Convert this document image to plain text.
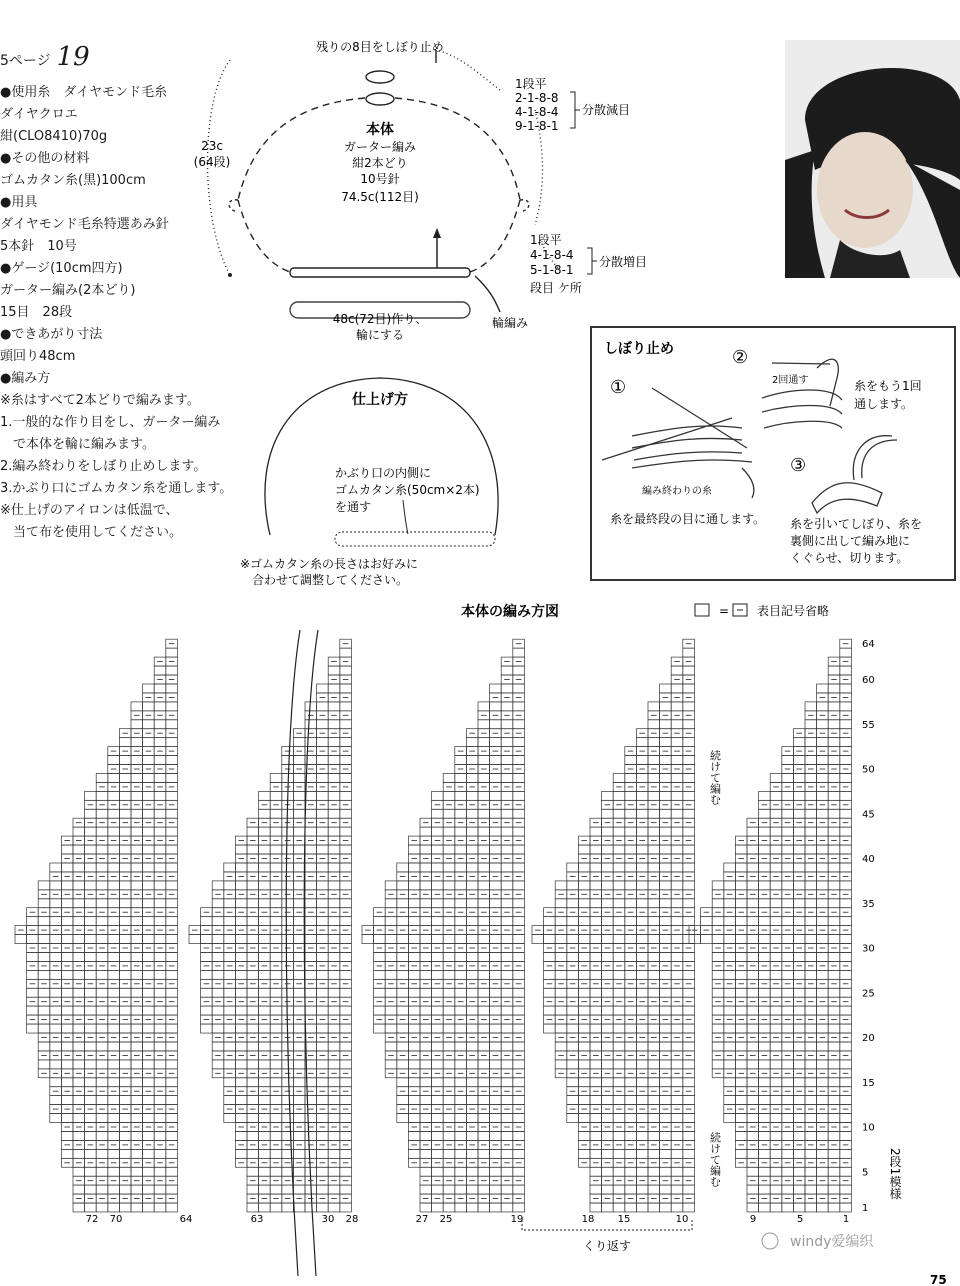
5ページ 19
●使用糸　ダイヤモンド毛糸
ダイヤクロエ
紺(CLO8410)70g
●その他の材料
ゴムカタン糸(黒)100cm
●用具
ダイヤモンド毛糸特選あみ針
5本針　10号
●ゲージ(10cm四方)
ガーター編み(2本どり)
15目　28段
●できあがり寸法
頭回り48cm
●編み方
※糸はすべて2本どりで編みます。
1.一般的な作り目をし、ガーター編み
　で本体を輪に編みます。
2.編み終わりをしぼり止めします。
3.かぶり口にゴムカタン糸を通します。
※仕上げのアイロンは低温で、
　当て布を使用してください。
残りの8目をしぼり止め
本体
ガーター編み
紺2本どり
10号針
74.5c(112目)
23c
(64段)
48c(72目)作り、
輪にする
輪編み
1段平
2-1-8-8
4-1-8-4
9-1-8-1
分散減目
1段平
4-1-8-4
5-1-8-1
分散増目
段目 ケ所
仕上げ方
かぶり口の内側に
ゴムカタン糸(50cm×2本)
を通す
※ゴムカタン糸の長さはお好みに
合わせて調整してください。
しぼり止め
①
②
③
2回通す
編み終わりの糸
糸をもう1回
通します。
糸を最終段の目に通します。 糸を引いてしぼり、糸を
裏側に出して編み地に
くぐらせ、切ります。
本体の編み方図	= 表目記号省略
64
60
55
50
45
40
35
30
25
20
15
10
5
1
72 70	64	63	30 28	27 25	19	18 15	10	9	5	1
くり返す
続けて編む
続けて編む	2段1模様
75
windy爱编织
